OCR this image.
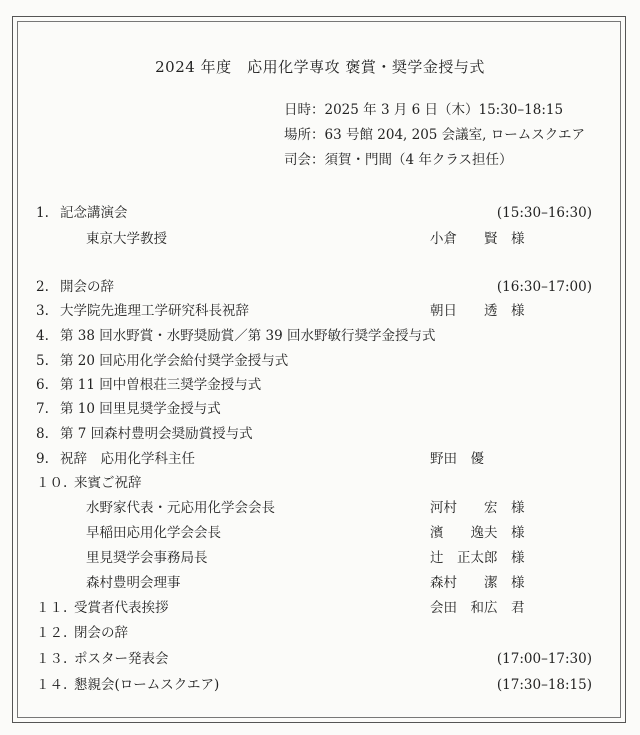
2024 年度　応用化学専攻 褒賞・奨学金授与式
日時：2025 年 3 月 6 日（木）15:30–18:15
場所：63 号館 204, 205 会議室, ロームスクエア
司会：須賀・門間（4 年クラス担任）
1. 記念講演会	(15:30–16:30)
東京大学教授	小倉　　賢　様
2. 開会の辞	(16:30–17:00)
3. 大学院先進理工学研究科長祝辞	朝日　　透　様
4. 第 38 回水野賞・水野奨励賞／第 39 回水野敏行奨学金授与式
5. 第 20 回応用化学会給付奨学金授与式
6. 第 11 回中曽根荘三奨学金授与式
7. 第 10 回里見奨学金授与式
8. 第 7 回森村豊明会奨励賞授与式
9. 祝辞　応用化学科主任	野田　優
１０. 来賓ご祝辞
水野家代表・元応用化学会会長	河村　　宏　様
早稲田応用化学会会長	濱　　逸夫　様
里見奨学会事務局長	辻　正太郎　様
森村豊明会理事	森村　　潔　様
１１. 受賞者代表挨拶	会田　和広　君
１２. 閉会の辞
１３. ポスター発表会	(17:00–17:30)
１４. 懇親会(ロームスクエア)	(17:30–18:15)
